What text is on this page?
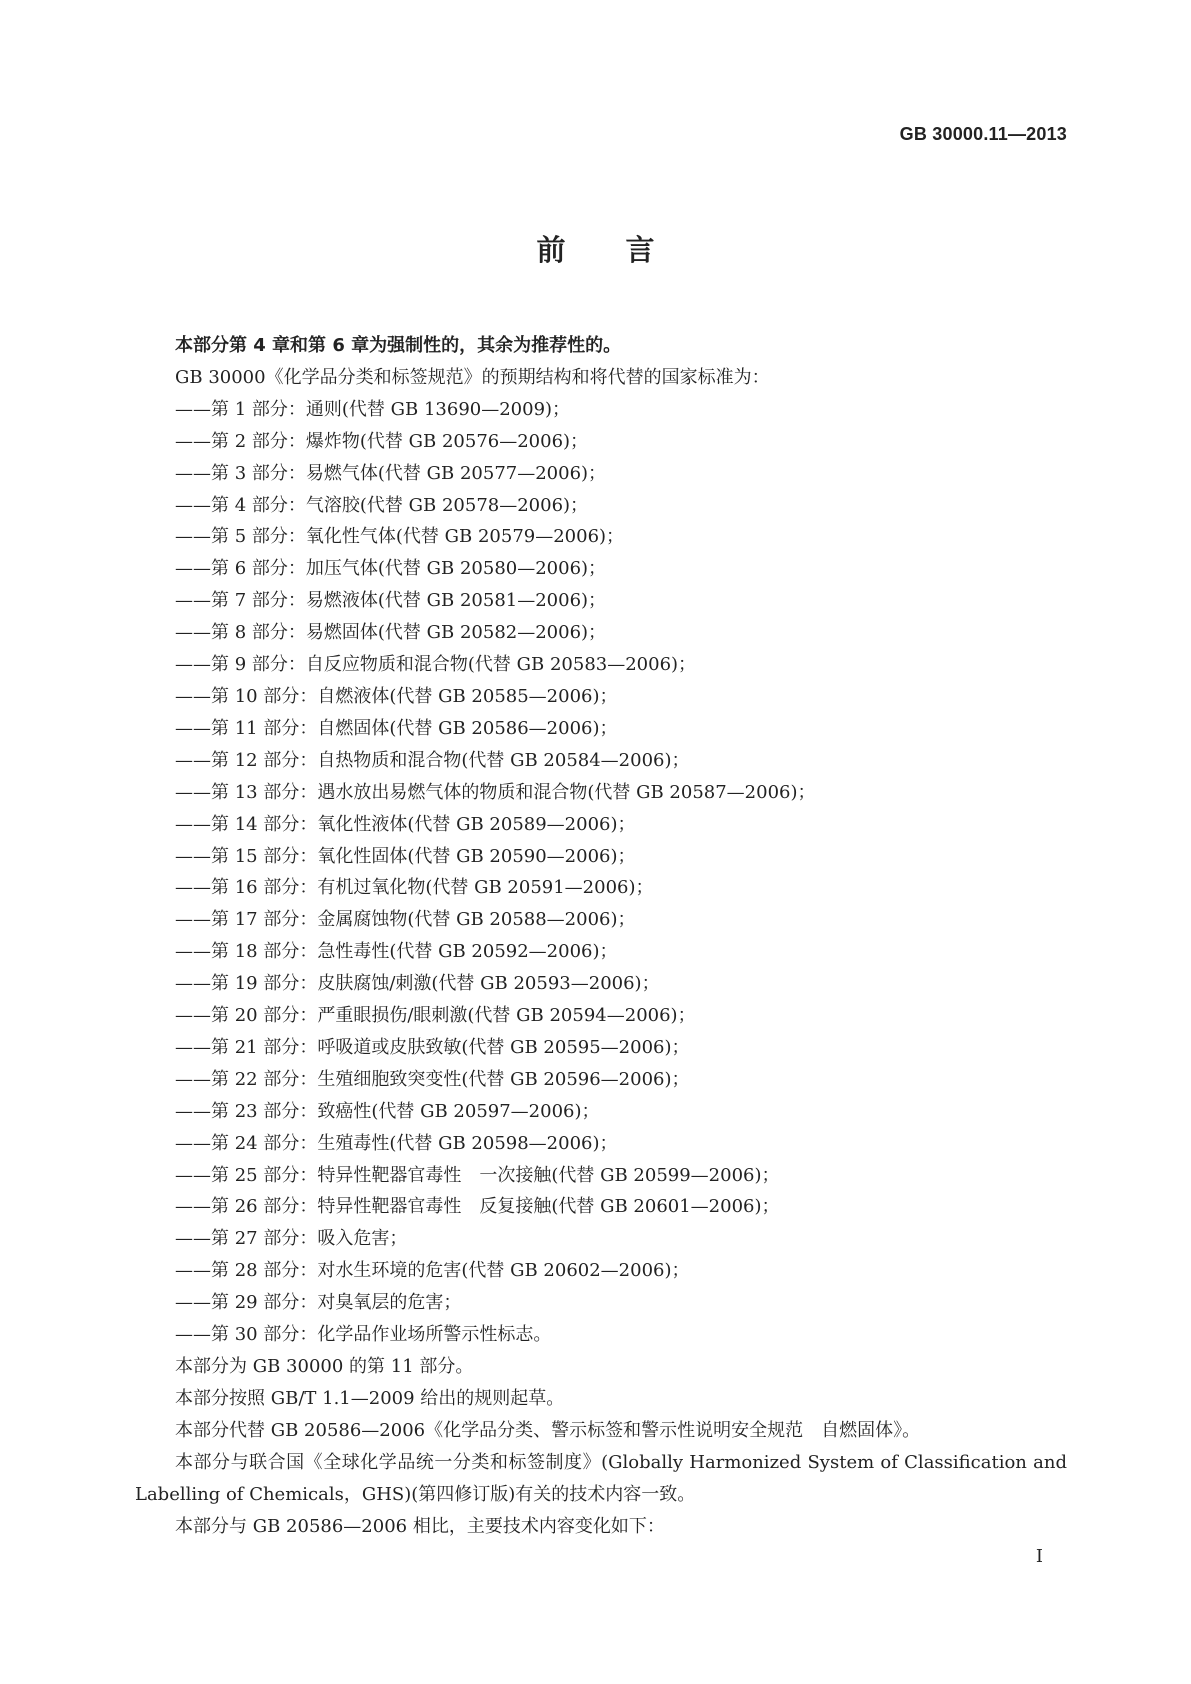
GB 30000.11—2013
前言

本部分第 4 章和第 6 章为强制性的，其余为推荐性的。

GB 30000《化学品分类和标签规范》的预期结构和将代替的国家标准为：

——第 1 部分：通则(代替 GB 13690—2009)；
——第 2 部分：爆炸物(代替 GB 20576—2006)；
——第 3 部分：易燃气体(代替 GB 20577—2006)；
——第 4 部分：气溶胶(代替 GB 20578—2006)；
——第 5 部分：氧化性气体(代替 GB 20579—2006)；
——第 6 部分：加压气体(代替 GB 20580—2006)；
——第 7 部分：易燃液体(代替 GB 20581—2006)；
——第 8 部分：易燃固体(代替 GB 20582—2006)；
——第 9 部分：自反应物质和混合物(代替 GB 20583—2006)；
——第 10 部分：自燃液体(代替 GB 20585—2006)；
——第 11 部分：自燃固体(代替 GB 20586—2006)；
——第 12 部分：自热物质和混合物(代替 GB 20584—2006)；
——第 13 部分：遇水放出易燃气体的物质和混合物(代替 GB 20587—2006)；
——第 14 部分：氧化性液体(代替 GB 20589—2006)；
——第 15 部分：氧化性固体(代替 GB 20590—2006)；
——第 16 部分：有机过氧化物(代替 GB 20591—2006)；
——第 17 部分：金属腐蚀物(代替 GB 20588—2006)；
——第 18 部分：急性毒性(代替 GB 20592—2006)；
——第 19 部分：皮肤腐蚀/刺激(代替 GB 20593—2006)；
——第 20 部分：严重眼损伤/眼刺激(代替 GB 20594—2006)；
——第 21 部分：呼吸道或皮肤致敏(代替 GB 20595—2006)；
——第 22 部分：生殖细胞致突变性(代替 GB 20596—2006)；
——第 23 部分：致癌性(代替 GB 20597—2006)；
——第 24 部分：生殖毒性(代替 GB 20598—2006)；
——第 25 部分：特异性靶器官毒性　一次接触(代替 GB 20599—2006)；
——第 26 部分：特异性靶器官毒性　反复接触(代替 GB 20601—2006)；
——第 27 部分：吸入危害；
——第 28 部分：对水生环境的危害(代替 GB 20602—2006)；
——第 29 部分：对臭氧层的危害；
——第 30 部分：化学品作业场所警示性标志。

本部分为 GB 30000 的第 11 部分。

本部分按照 GB/T 1.1—2009 给出的规则起草。

本部分代替 GB 20586—2006《化学品分类、警示标签和警示性说明安全规范　自燃固体》。

本部分与联合国《全球化学品统一分类和标签制度》(Globally Harmonized System of Classification and Labelling of Chemicals，GHS)(第四修订版)有关的技术内容一致。

本部分与 GB 20586—2006 相比，主要技术内容变化如下：

I
